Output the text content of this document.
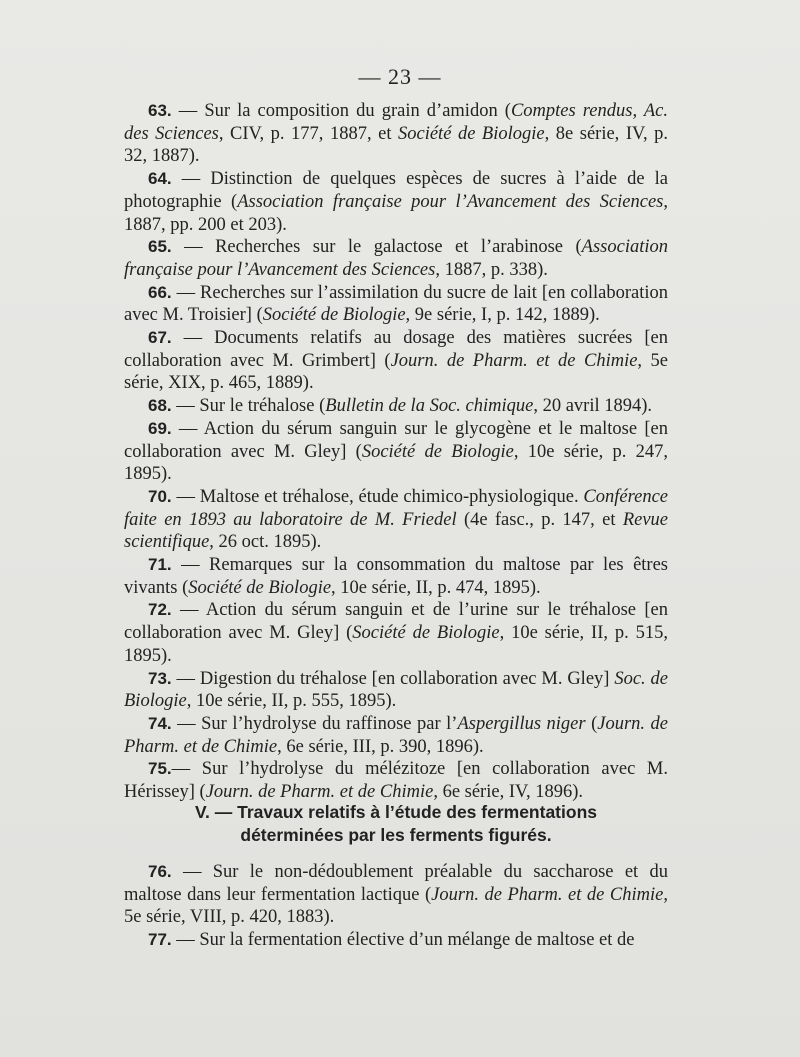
— 23 —

63. — Sur la composition du grain d’amidon (Comptes rendus, Ac. des Sciences, CIV, p. 177, 1887, et Société de Biologie, 8e série, IV, p. 32, 1887).

64. — Distinction de quelques espèces de sucres à l’aide de la photographie (Association française pour l’Avancement des Sciences, 1887, pp. 200 et 203).

65. — Recherches sur le galactose et l’arabinose (Association française pour l’Avancement des Sciences, 1887, p. 338).

66. — Recherches sur l’assimilation du sucre de lait [en collaboration avec M. Troisier] (Société de Biologie, 9e série, I, p. 142, 1889).

67. — Documents relatifs au dosage des matières sucrées [en collaboration avec M. Grimbert] (Journ. de Pharm. et de Chimie, 5e série, XIX, p. 465, 1889).

68. — Sur le tréhalose (Bulletin de la Soc. chimique, 20 avril 1894).

69. — Action du sérum sanguin sur le glycogène et le maltose [en collaboration avec M. Gley] (Société de Biologie, 10e série, p. 247, 1895).

70. — Maltose et tréhalose, étude chimico-physiologique. Conférence faite en 1893 au laboratoire de M. Friedel (4e fasc., p. 147, et Revue scientifique, 26 oct. 1895).

71. — Remarques sur la consommation du maltose par les êtres vivants (Société de Biologie, 10e série, II, p. 474, 1895).

72. — Action du sérum sanguin et de l’urine sur le tréhalose [en collaboration avec M. Gley] (Société de Biologie, 10e série, II, p. 515, 1895).

73. — Digestion du tréhalose [en collaboration avec M. Gley] Soc. de Biologie, 10e série, II, p. 555, 1895).

74. — Sur l’hydrolyse du raffinose par l’Aspergillus niger (Journ. de Pharm. et de Chimie, 6e série, III, p. 390, 1896).

75.— Sur l’hydrolyse du mélézitoze [en collaboration avec M. Hérissey] (Journ. de Pharm. et de Chimie, 6e série, IV, 1896).

V. — Travaux relatifs à l’étude des fermentations
déterminées par les ferments figurés.

76. — Sur le non-dédoublement préalable du saccharose et du maltose dans leur fermentation lactique (Journ. de Pharm. et de Chimie, 5e série, VIII, p. 420, 1883).

77. — Sur la fermentation élective d’un mélange de maltose et de
